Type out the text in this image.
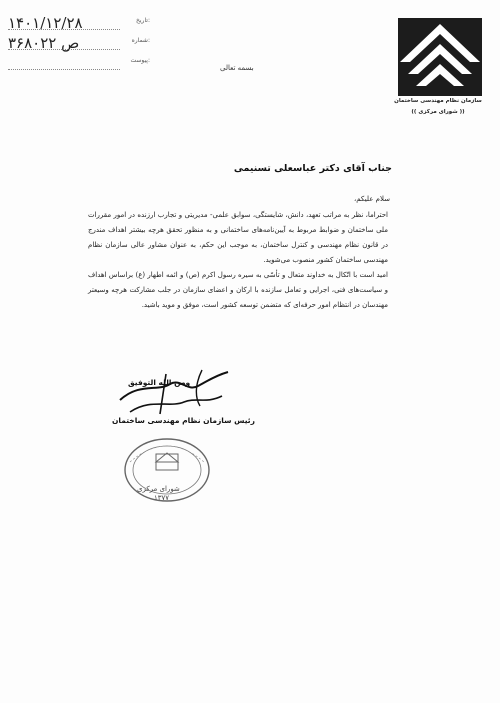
۱۴۰۱/۱۲/۲۸	تاریخ:
۳۶۸۰۲۲ ص	شماره:
پیوست:
بسمه تعالی
سازمان نظام مهندسی ساختمان
(( شورای مرکزی ))
جناب آقای دکتر عباسعلی تسنیمی
سلام علیکم،
احتراما، نظر به مراتب تعهد، دانش، شایستگی، سوابق علمی- مدیریتی و تجارب ارزنده در امور مقررات ملی ساختمان و ضوابط مربوط به آیین‌نامه‌های ساختمانی و به منظور تحقق هرچه بیشتر اهداف مندرج در قانون نظام مهندسی و کنترل ساختمان، به موجب این حکم، به عنوان مشاور عالی سازمان نظام مهندسی ساختمان کشور منصوب می‌شوید.
امید است با اتّکال به خداوند متعال و تأسّی به سیره رسول اکرم (ص) و ائمه اطهار (ع) براساس اهداف و سیاست‌های فنی، اجرایی و تعامل سازنده با ارکان و اعضای سازمان در جلب مشارکت هرچه وسیعتر مهندسان در انتظام امور حرفه‌ای که متضمن توسعه کشور است، موفق و موید باشید.
ومن الله التوفیق
رئیس سازمان نظام مهندسی ساختمان
شورای مرکزی
۱۳۷۷
